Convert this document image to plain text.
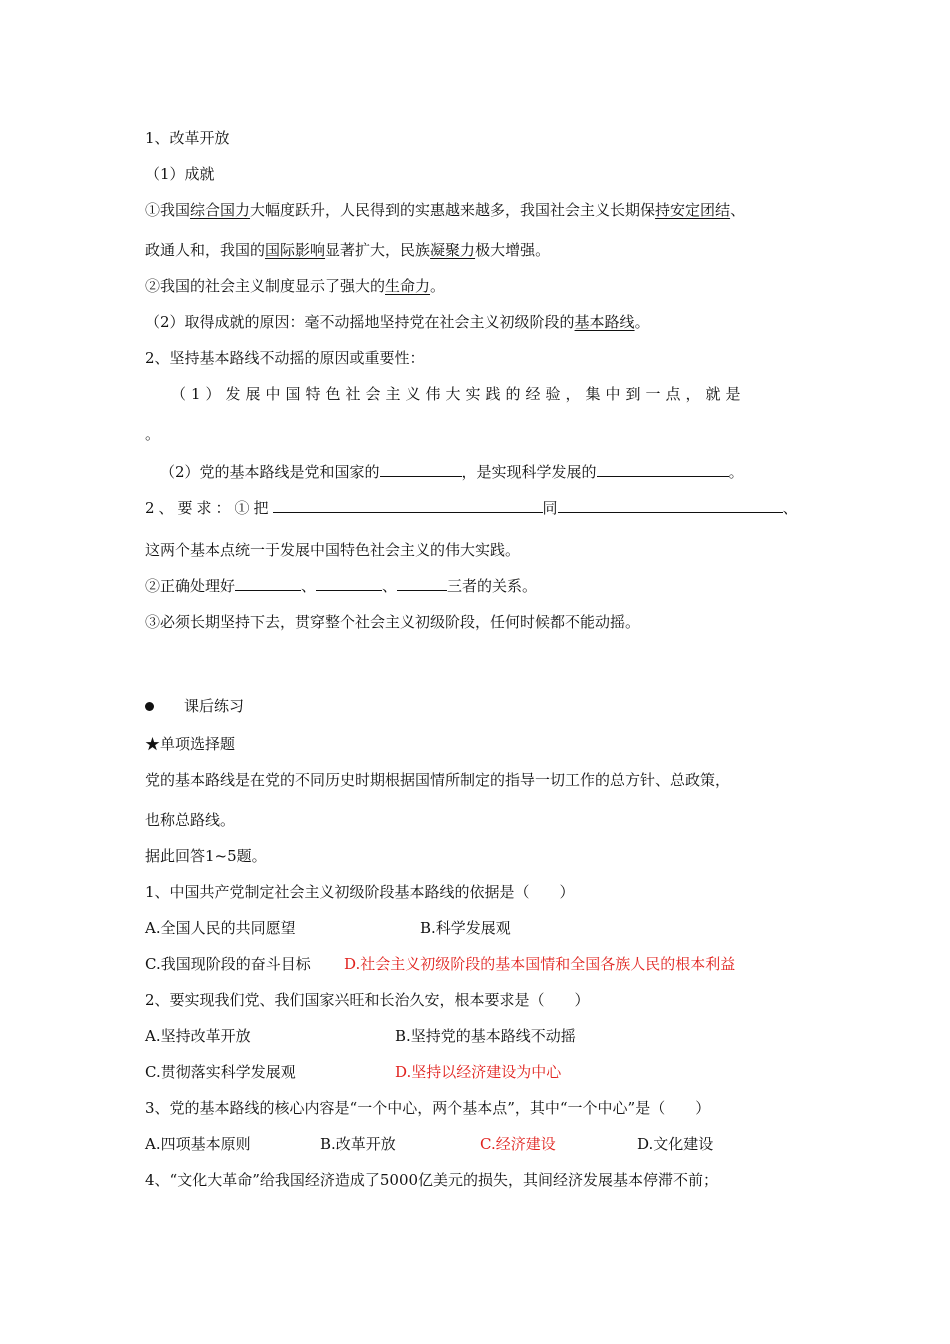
1、改革开放
（1）成就
①我国综合国力大幅度跃升，人民得到的实惠越来越多，我国社会主义长期保持安定团结、
政通人和，我国的国际影响显著扩大，民族凝聚力极大增强。
②我国的社会主义制度显示了强大的生命力。
（2）取得成就的原因：毫不动摇地坚持党在社会主义初级阶段的基本路线。
2、坚持基本路线不动摇的原因或重要性：
（1）发展中国特色社会主义伟大实践的经验，集中到一点，就是
。
（2）党的基本路线是党和国家的	，是实现科学发展的	。
2、要求：①把	同	、
这两个基本点统一于发展中国特色社会主义的伟大实践。
②正确处理好	、	、	三者的关系。
③必须长期坚持下去，贯穿整个社会主义初级阶段，任何时候都不能动摇。
课后练习
★单项选择题
党的基本路线是在党的不同历史时期根据国情所制定的指导一切工作的总方针、总政策，
也称总路线。
据此回答1~5题。
1、中国共产党制定社会主义初级阶段基本路线的依据是（　　）
A.全国人民的共同愿望	B.科学发展观
C.我国现阶段的奋斗目标 D.社会主义初级阶段的基本国情和全国各族人民的根本利益
2、要实现我们党、我们国家兴旺和长治久安，根本要求是（　　）
A.坚持改革开放	B.坚持党的基本路线不动摇
C.贯彻落实科学发展观	D.坚持以经济建设为中心
3、党的基本路线的核心内容是“一个中心，两个基本点”，其中“一个中心”是（　　）
A.四项基本原则	B.改革开放	C.经济建设	D.文化建设
4、“文化大革命”给我国经济造成了5000亿美元的损失，其间经济发展基本停滞不前；
